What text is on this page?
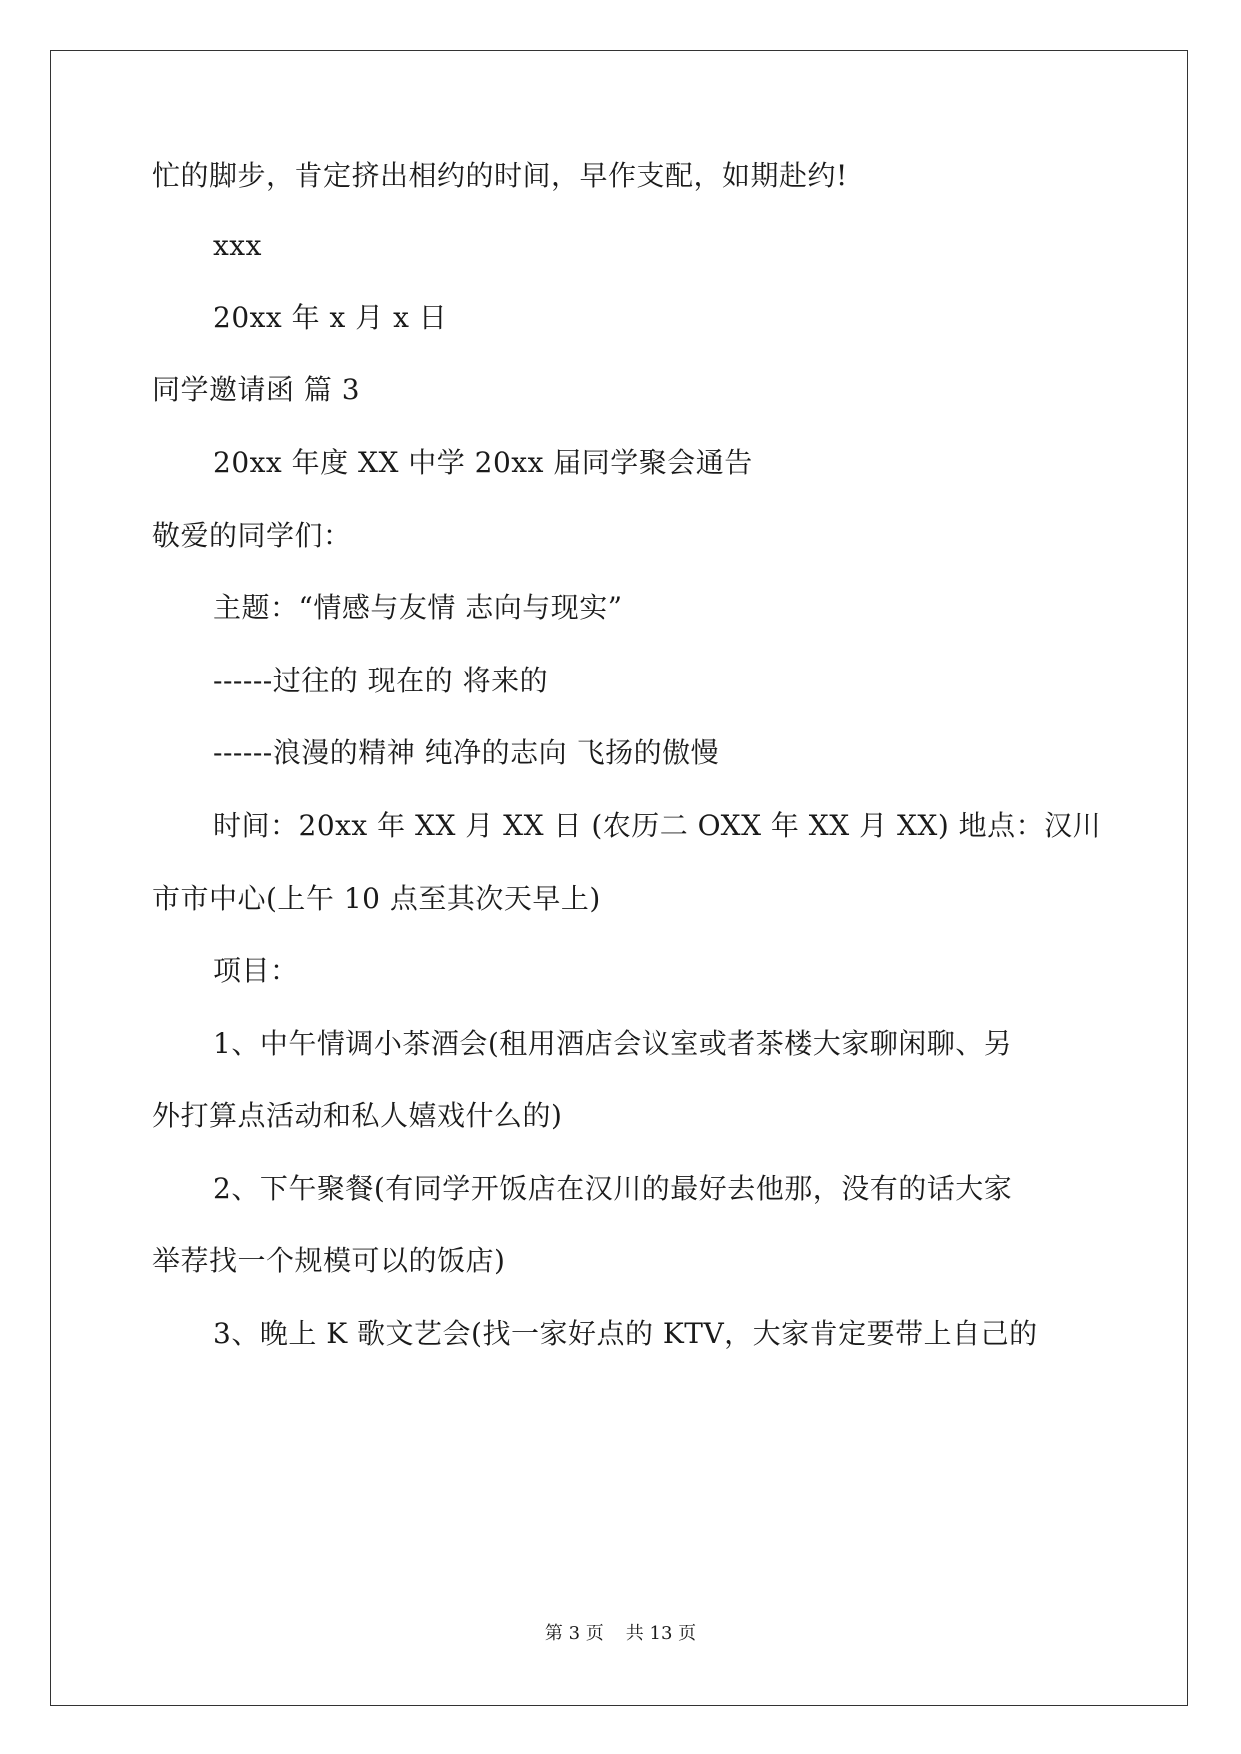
忙的脚步，肯定挤出相约的时间，早作支配，如期赴约!
xxx
20xx 年 x 月 x 日
同学邀请函 篇 3
20xx 年度 XX 中学 20xx 届同学聚会通告
敬爱的同学们：
主题：“情感与友情 志向与现实”
------过往的 现在的 将来的
------浪漫的精神 纯净的志向 飞扬的傲慢
时间：20xx 年 XX 月 XX 日 (农历二 OXX 年 XX 月 XX) 地点：汉川
市市中心(上午 10 点至其次天早上)
项目：
1、中午情调小茶酒会(租用酒店会议室或者茶楼大家聊闲聊、另
外打算点活动和私人嬉戏什么的)
2、下午聚餐(有同学开饭店在汉川的最好去他那，没有的话大家
举荐找一个规模可以的饭店)
3、晚上 K 歌文艺会(找一家好点的 KTV，大家肯定要带上自己的
第 3 页 共 13 页
